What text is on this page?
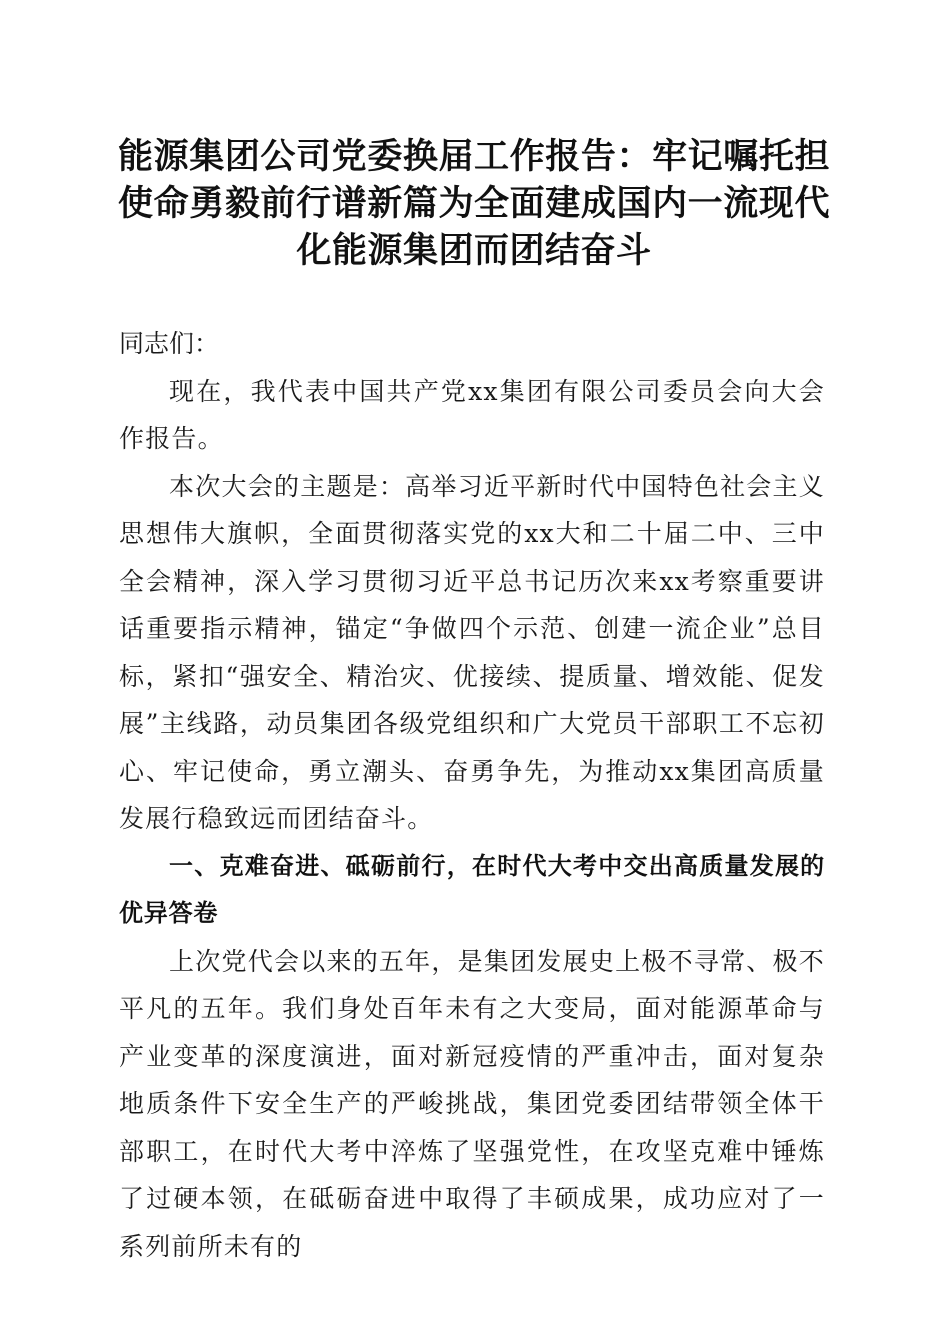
能源集团公司党委换届工作报告：牢记嘱托担使命勇毅前行谱新篇为全面建成国内一流现代化能源集团而团结奋斗

同志们：

现在，我代表中国共产党xx集团有限公司委员会向大会作报告。

本次大会的主题是：高举习近平新时代中国特色社会主义思想伟大旗帜，全面贯彻落实党的xx大和二十届二中、三中全会精神，深入学习贯彻习近平总书记历次来xx考察重要讲话重要指示精神，锚定“争做四个示范、创建一流企业”总目标，紧扣“强安全、精治灾、优接续、提质量、增效能、促发展”主线路，动员集团各级党组织和广大党员干部职工不忘初心、牢记使命，勇立潮头、奋勇争先，为推动xx集团高质量发展行稳致远而团结奋斗。

一、克难奋进、砥砺前行，在时代大考中交出高质量发展的优异答卷

上次党代会以来的五年，是集团发展史上极不寻常、极不平凡的五年。我们身处百年未有之大变局，面对能源革命与产业变革的深度演进，面对新冠疫情的严重冲击，面对复杂地质条件下安全生产的严峻挑战，集团党委团结带领全体干部职工，在时代大考中淬炼了坚强党性，在攻坚克难中锤炼了过硬本领，在砥砺奋进中取得了丰硕成果，成功应对了一系列前所未有的
